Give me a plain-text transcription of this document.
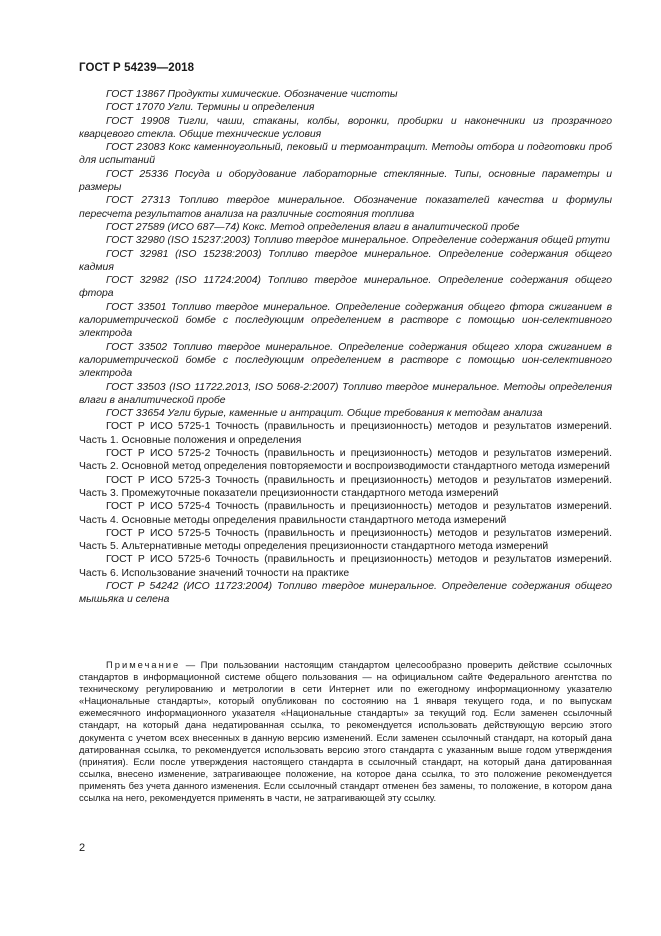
ГОСТ Р 54239—2018

ГОСТ 13867 Продукты химические. Обозначение чистоты

ГОСТ 17070 Угли. Термины и определения

ГОСТ 19908 Тигли, чаши, стаканы, колбы, воронки, пробирки и наконечники из прозрачного кварцевого стекла. Общие технические условия

ГОСТ 23083 Кокс каменноугольный, пековый и термоантрацит. Методы отбора и подготовки проб для испытаний

ГОСТ 25336 Посуда и оборудование лабораторные стеклянные. Типы, основные параметры и размеры

ГОСТ 27313 Топливо твердое минеральное. Обозначение показателей качества и формулы пересчета результатов анализа на различные состояния топлива

ГОСТ 27589 (ИСО 687—74) Кокс. Метод определения влаги в аналитической пробе

ГОСТ 32980 (ISO 15237:2003) Топливо твердое минеральное. Определение содержания общей ртути

ГОСТ 32981 (ISO 15238:2003) Топливо твердое минеральное. Определение содержания общего кадмия

ГОСТ 32982 (ISO 11724:2004) Топливо твердое минеральное. Определение содержания общего фтора

ГОСТ 33501 Топливо твердое минеральное. Определение содержания общего фтора сжиганием в калориметрической бомбе с последующим определением в растворе с помощью ион-селективного электрода

ГОСТ 33502 Топливо твердое минеральное. Определение содержания общего хлора сжиганием в калориметрической бомбе с последующим определением в растворе с помощью ион-селективного электрода

ГОСТ 33503 (ISO 11722.2013, ISO 5068-2:2007) Топливо твердое минеральное. Методы определения влаги в аналитической пробе

ГОСТ 33654 Угли бурые, каменные и антрацит. Общие требования к методам анализа

ГОСТ Р ИСО 5725-1 Точность (правильность и прецизионность) методов и результатов измерений. Часть 1. Основные положения и определения

ГОСТ Р ИСО 5725-2 Точность (правильность и прецизионность) методов и результатов измерений. Часть 2. Основной метод определения повторяемости и воспроизводимости стандартного метода измерений

ГОСТ Р ИСО 5725-3 Точность (правильность и прецизионность) методов и результатов измерений. Часть 3. Промежуточные показатели прецизионности стандартного метода измерений

ГОСТ Р ИСО 5725-4 Точность (правильность и прецизионность) методов и результатов измерений. Часть 4. Основные методы определения правильности стандартного метода измерений

ГОСТ Р ИСО 5725-5 Точность (правильность и прецизионность) методов и результатов измерений. Часть 5. Альтернативные методы определения прецизионности стандартного метода измерений

ГОСТ Р ИСО 5725-6 Точность (правильность и прецизионность) методов и результатов измерений. Часть 6. Использование значений точности на практике

ГОСТ Р 54242 (ИСО 11723:2004) Топливо твердое минеральное. Определение содержания общего мышьяка и селена

Примечание — При пользовании настоящим стандартом целесообразно проверить действие ссылочных стандартов в информационной системе общего пользования — на официальном сайте Федерального агентства по техническому регулированию и метрологии в сети Интернет или по ежегодному информационному указателю «Национальные стандарты», который опубликован по состоянию на 1 января текущего года, и по выпускам ежемесячного информационного указателя «Национальные стандарты» за текущий год. Если заменен ссылочный стандарт, на который дана недатированная ссылка, то рекомендуется использовать действующую версию этого документа с учетом всех внесенных в данную версию изменений. Если заменен ссылочный стандарт, на который дана датированная ссылка, то рекомендуется использовать версию этого стандарта с указанным выше годом утверждения (принятия). Если после утверждения настоящего стандарта в ссылочный стандарт, на который дана датированная ссылка, внесено изменение, затрагивающее положение, на которое дана ссылка, то это положение рекомендуется применять без учета данного изменения. Если ссылочный стандарт отменен без замены, то положение, в котором дана ссылка на него, рекомендуется применять в части, не затрагивающей эту ссылку.

2
